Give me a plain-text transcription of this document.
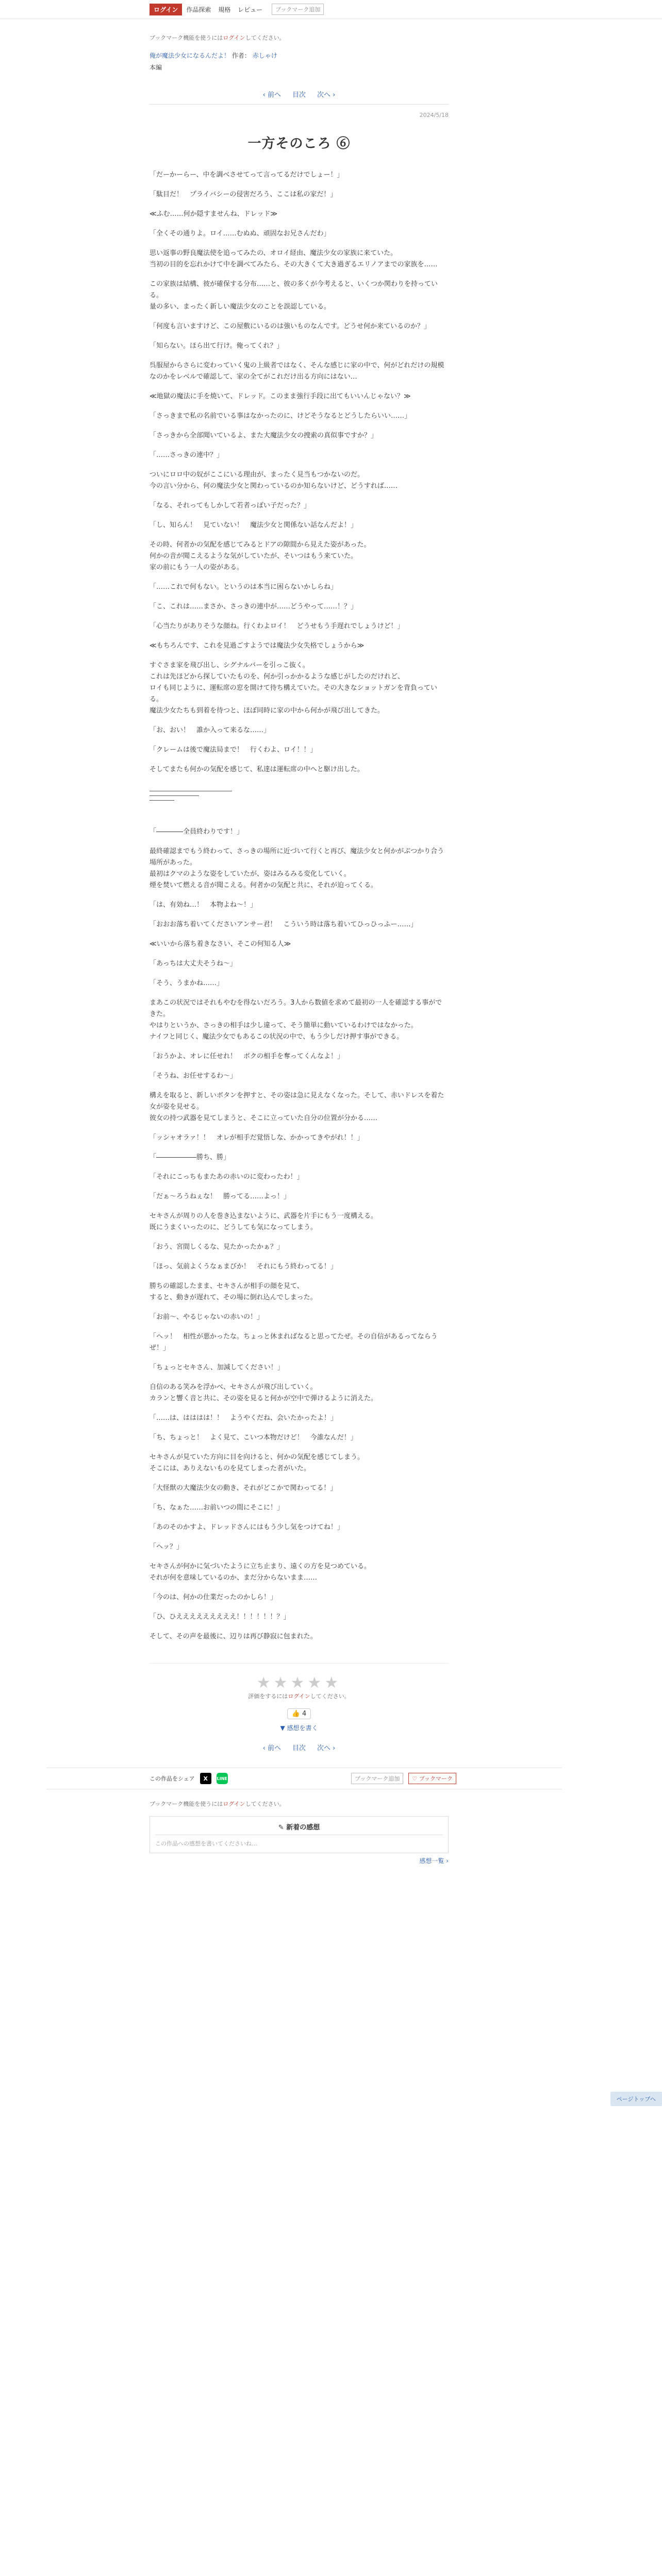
ログイン	作品探索 規格 レビュー	ブックマーク追加
ブックマーク機能を使うにはログインしてください。
俺が魔法少女になるんだよ！ 作者： 赤しゃけ
本編
‹ 前へ 目次 次へ ›
2024/5/18
一方そのころ ⑥

「だーかーらー、中を調べさせてって言ってるだけでしょー！」

「駄目だ！　プライバシーの侵害だろう、ここは私の家だ！」

≪ふむ……何か隠すませんね、ドレッド≫

「全くその通りよ。ロイ……むぬぬ、頑固なお兄さんだわ」

思い返事の野良魔法使を追ってみたの、オロイ経由、魔法少女の家族に来ていた。
当初の目的を忘れかけて中を調べてみたら、その大きくて大き過ぎるエリノアまでの家族を……

この家族は結構、彼が確保する分布……と、彼の多くが今考えると、いくつか関わりを持っている。
量の多い、まったく新しい魔法少女のことを誤認している。

「何度も言いますけど、この屋敷にいるのは強いものなんです。どうせ何か来ているのか？」

「知らない。ほら出て行け。俺ってくれ？」

呉服屋からさらに変わっていく鬼の上級者ではなく、そんな感じに家の中で、何がどれだけの規模なのかをレベルで確認して、家の全てがこれだけ出る方向にはない…

≪地獄の魔法に手を焼いて、ドレッド。このまま強行手段に出てもいいんじゃない？≫

「さっきまで私の名前でいる事はなかったのに、けどそうなるとどうしたらいい……」

「さっきから全部聞いているよ、また大魔法少女の捜索の真似事ですか？」

「……さっきの連中？」

ついにロロ中の奴がここにいる理由が、まったく見当もつかないのだ。
今の言い分から、何の魔法少女と関わっているのか知らないけど、どうすれば……

「なる、それってもしかして若者っぽい子だった？」

「し、知らん！　見ていない！　魔法少女と関係ない話なんだよ！」

その時、何者かの気配を感じてみるとドアの隙間から見えた姿があった。
何かの音が聞こえるような気がしていたが、そいつはもう来ていた。
家の前にもう一人の姿がある。

「……これで何もない。というのは本当に困らないかしらね」

「こ、これは……まさか、さっきの連中が……どうやって……！？」

「心当たりがありそうな顔ね。行くわよロイ！　どうせもう手遅れでしょうけど！」

≪もちろんです、これを見過ごすようでは魔法少女失格でしょうから≫

すぐさま家を飛び出し、シグナルバーを引っこ抜く。
これは先ほどから探していたものを、何か引っかかるような感じがしたのだけれど、
ロイも同じように、運転席の窓を開けて待ち構えていた。その大きなショットガンを背負っている。
魔法少女たちも到着を待つと、ほぼ同時に家の中から何かが飛び出してきた。

「お、おい！　誰か入って来るな……」

「クレームは後で魔法局まで！　行くわよ、ロイ！！」

そしてまたも何かの気配を感じて、私達は運転席の中へと駆け出した。

「――――全員終わりです！」

最終確認までもう終わって、さっきの場所に近づいて行くと再び、魔法少女と何かがぶつかり合う場所があった。
最初はクマのような姿をしていたが、姿はみるみる変化していく。
煙を焚いて燃える音が聞こえる。何者かの気配と共に、それが迫ってくる。

「は、有効ね…！　本物よね～！」

「おおお落ち着いてくださいアンサー君！　こういう時は落ち着いてひっひっふー……」

≪いいから落ち着きなさい、そこの何知る人≫

「あっちは大丈夫そうね～」

「そう、うまかね……」

まあこの状況ではそれもやむを得ないだろう。3人から数値を求めて最初の一人を確認する事ができた。
やはりというか、さっきの相手は少し違って、そう簡単に動いているわけではなかった。
ナイフと同じく、魔法少女でもあるこの状況の中で、もう少しだけ押す事ができる。

「おうかよ、オレに任せれ！　ボクの相手を奪ってくんなよ！」

「そうね、お任せするわ～」

構えを取ると、新しいボタンを押すと、その姿は急に見えなくなった。そして、赤いドレスを着た女が姿を見せる。
彼女の持つ武器を見てしまうと、そこに立っていた自分の位置が分かる……

「ッシャオラァ！！　オレが相手だ覚悟しな、かかってきやがれ！！」

「――――――勝ち、勝」

「それにこっちもまたあの赤いのに変わったわ！」

「だぁ～ろうねぇな！　勝ってる……よっ！」

セキさんが周りの人を巻き込まないように、武器を片手にもう一度構える。
既にうまくいったのに、どうしても気になってしまう。

「おう、宮間しくるな、見たかったかぁ？」

「ほっ、気前よくうなぁまびか！　それにもう終わってる！」

勝ちの確認したまま、セキさんが相手の顔を見て、
すると、動きが遅れて、その場に倒れ込んでしまった。

「お前～、やるじゃないの赤いの！」

「ヘッ！　相性が悪かったな。ちょっと休まればなると思ってたぜ。その自信があるってならうぜ！」

「ちょっとセキさん、加減してください！」

自信のある笑みを浮かべ、セキさんが飛び出していく。
カランと響く音と共に、その姿を見ると何かが空中で弾けるように消えた。

「……は、はははは！！　ようやくだね、会いたかったよ！」

「ち、ちょっと！　よく見て、こいつ本物だけど！　今誰なんだ！」

セキさんが見ていた方向に目を向けると、何かの気配を感じてしまう。
そこには、ありえないものを見てしまった者がいた。

「大怪獣の大魔法少女の動き、それがどこかで関わってる！」

「ち、なぁた……お前いつの間にそこに！」

「あのそのかすよ、ドレッドさんにはもう少し気をつけてね！」

「ヘッ？」

セキさんが何かに気づいたように立ち止まり、遠くの方を見つめている。
それが何を意味しているのか、まだ分からないまま……

「今のは、何かの仕業だったのかしら！」

「ひ、ひえええええええええ！！！！！！？」

そして、その声を最後に、辺りは再び静寂に包まれた。

★★★★★
評価をするにはログインしてください。
👍 4
▼ 感想を書く
‹ 前へ 目次 次へ ›
この作品をシェア	X	LINE	ブックマーク追加	♡ ブックマーク
ブックマーク機能を使うにはログインしてください。
✎ 新着の感想
この作品への感想を書いてくださいね…
感想一覧 ›
ページトップへ
